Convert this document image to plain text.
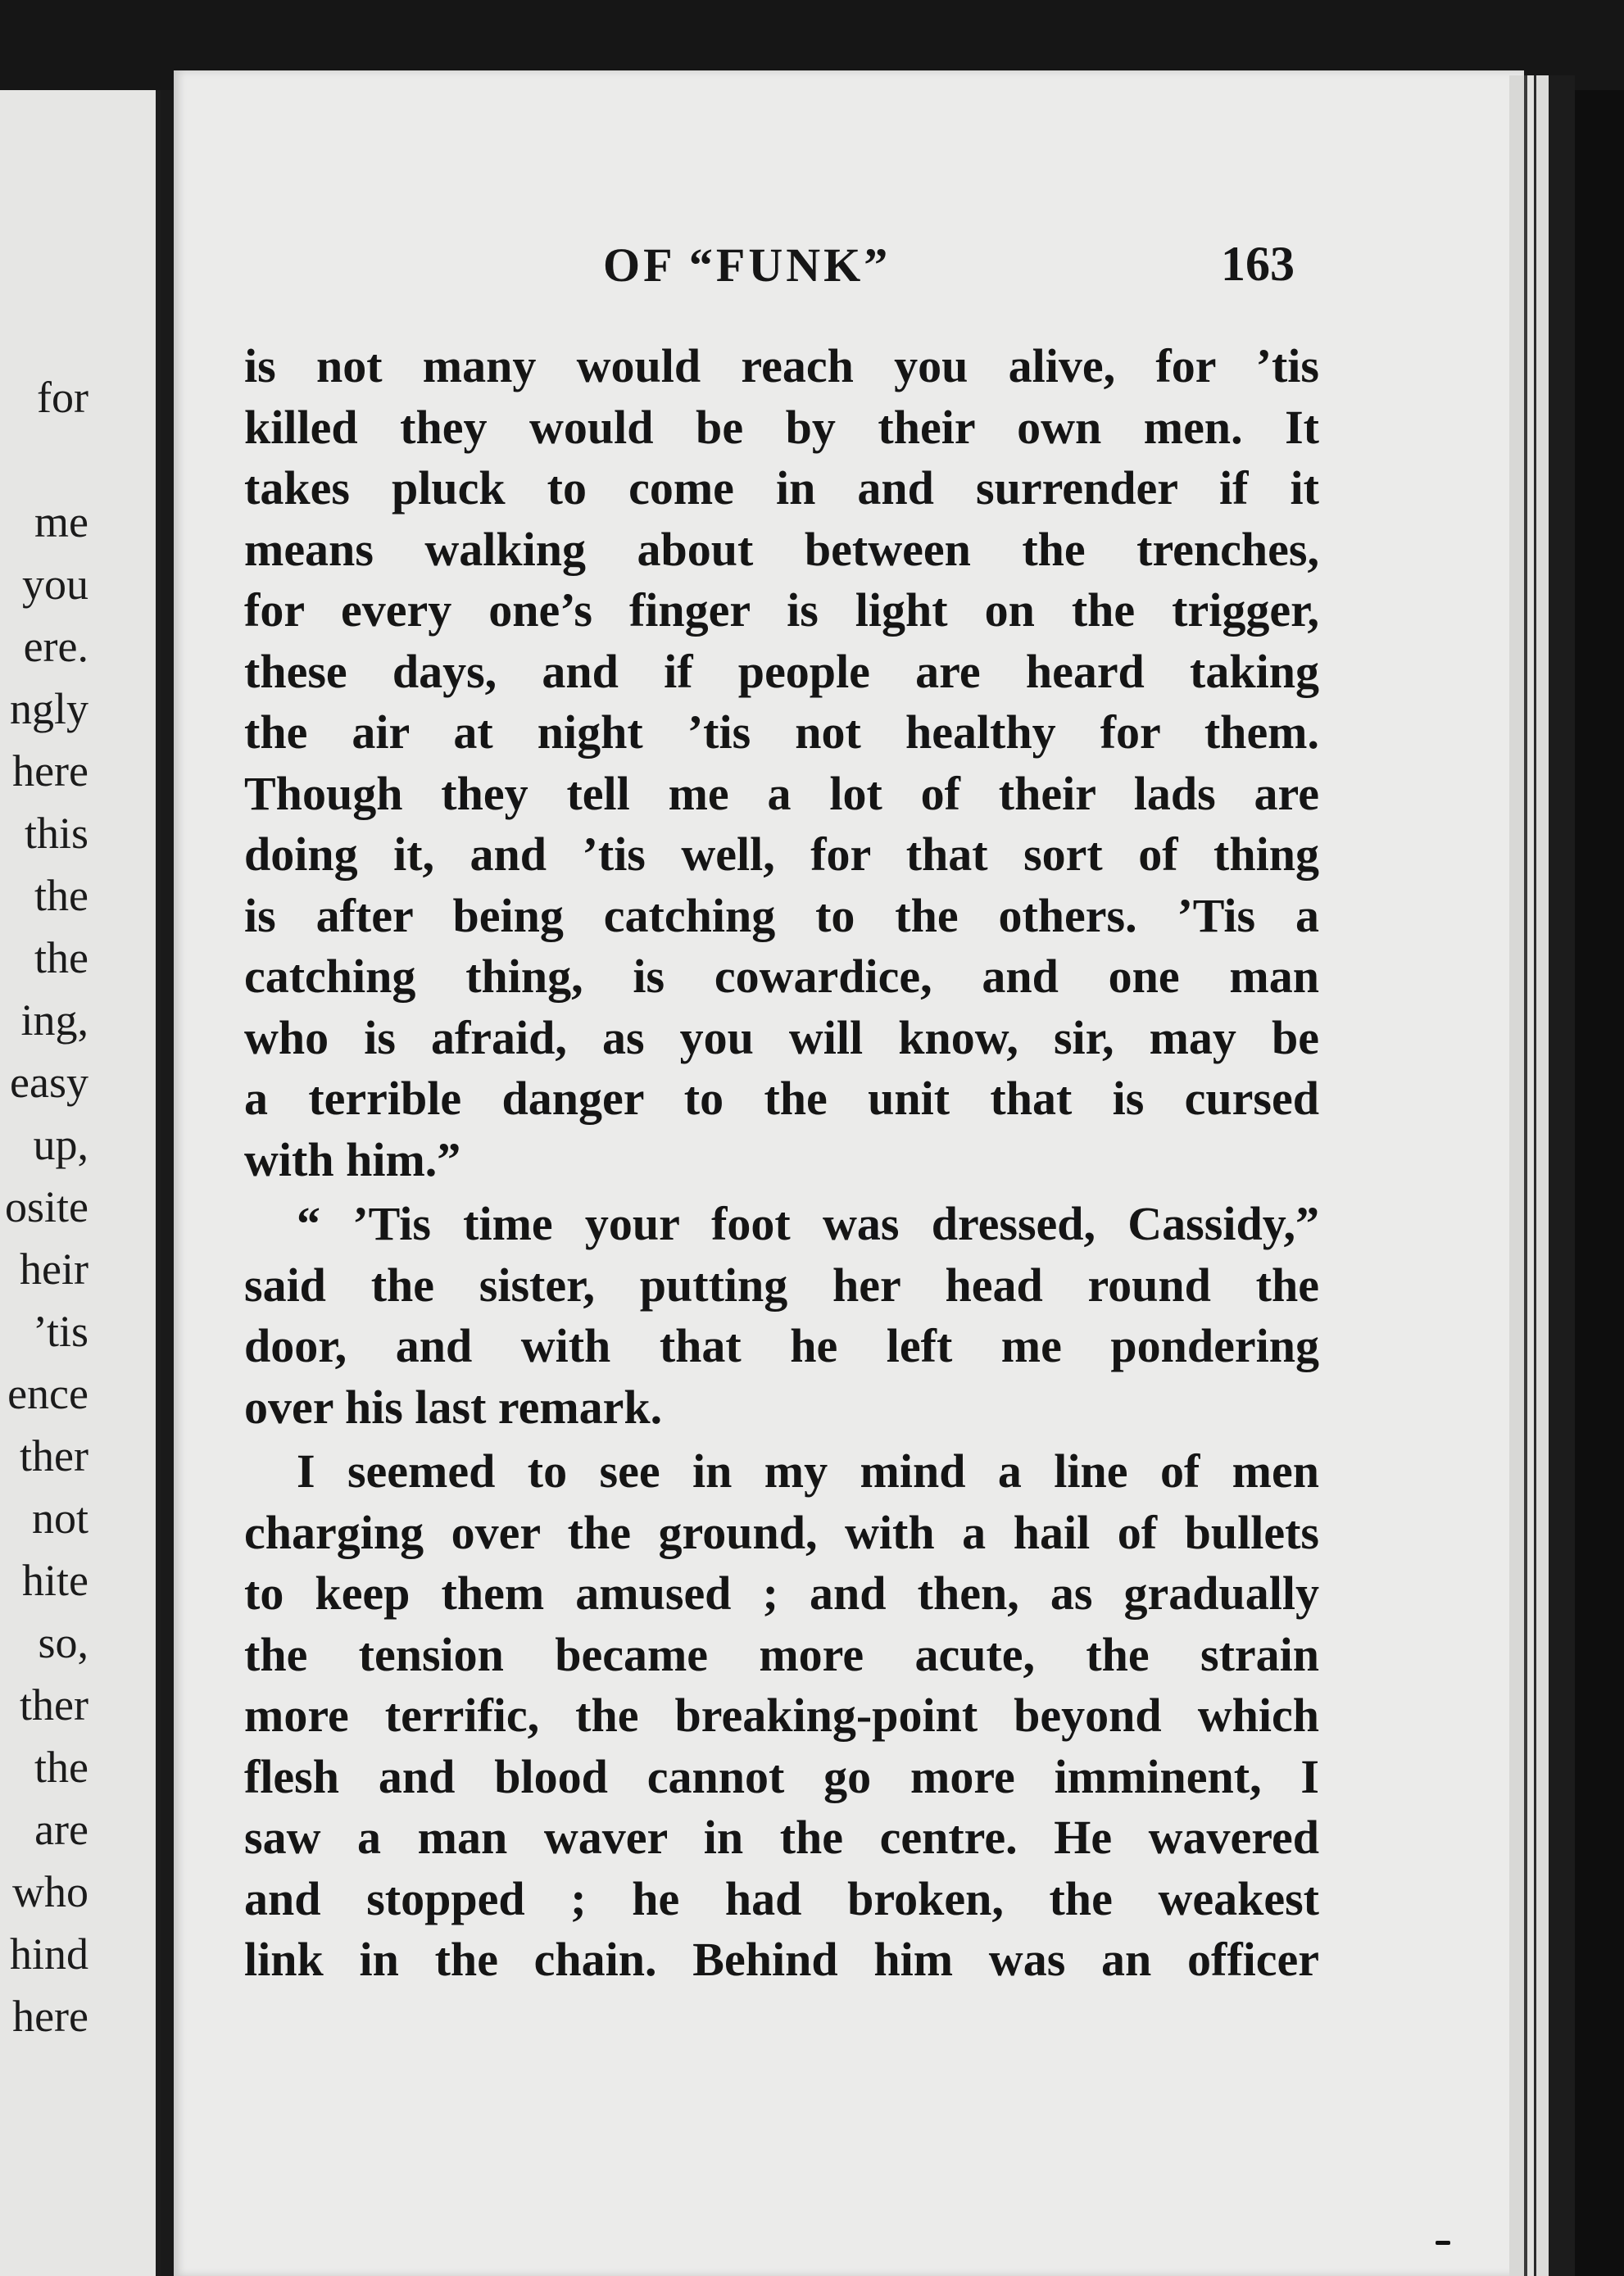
for

me

you

ere.

ngly

here

this

the

the

ing,

easy

up,

osite

heir

’tis

ence

ther

not

hite

so,

ther

the

are

who

hind

here

OF “FUNK”	163

is not many would reach you alive, for ’tis
killed they would be by their own men. It
takes pluck to come in and surrender if it
means walking about between the trenches,
for every one’s finger is light on the trigger,
these days, and if people are heard taking
the air at night ’tis not healthy for them.
Though they tell me a lot of their lads are
doing it, and ’tis well, for that sort of thing
is after being catching to the others. ’Tis a
catching thing, is cowardice, and one man
who is afraid, as you will know, sir, may be
a terrible danger to the unit that is cursed
with him.”
“ ’Tis time your foot was dressed, Cassidy,”
said the sister, putting her head round the
door, and with that he left me pondering
over his last remark.
I seemed to see in my mind a line of men
charging over the ground, with a hail of bullets
to keep them amused ; and then, as gradually
the tension became more acute, the strain
more terrific, the breaking-point beyond which
flesh and blood cannot go more imminent, I
saw a man waver in the centre. He wavered
and stopped ; he had broken, the weakest
link in the chain. Behind him was an officer
